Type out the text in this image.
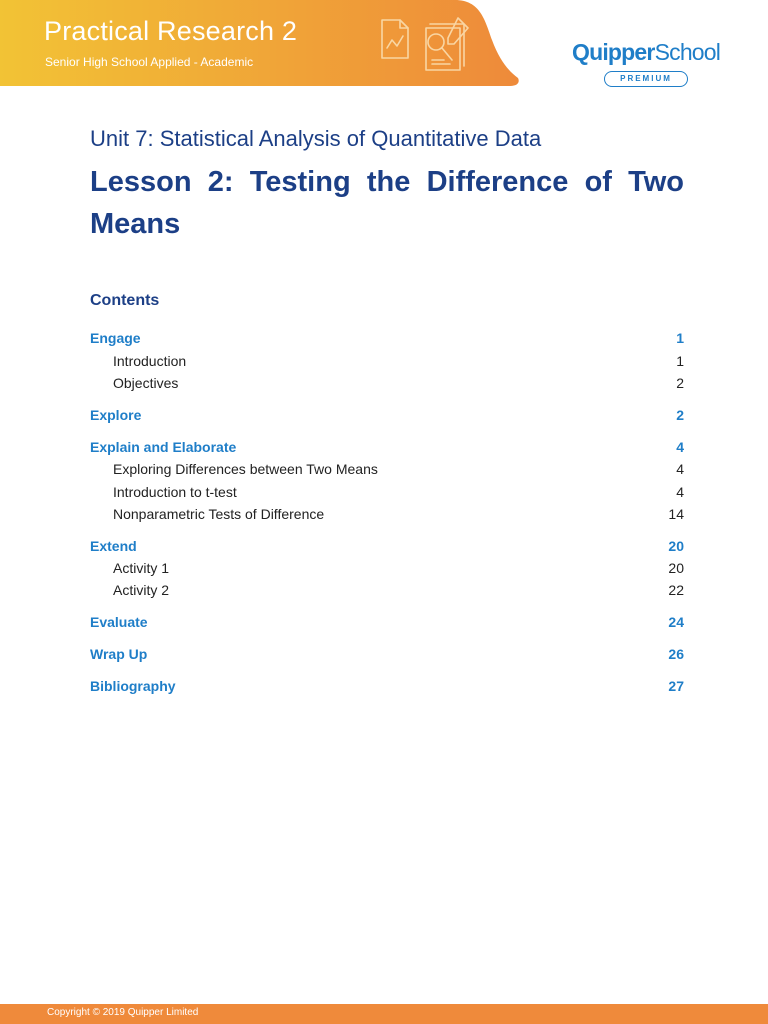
Practical Research 2
Senior High School Applied - Academic	QuipperSchool
PREMIUM
Unit 7: Statistical Analysis of Quantitative Data
Lesson 2: Testing the Difference of Two Means
Contents
Engage	1
Introduction	1
Objectives	2
Explore	2
Explain and Elaborate	4
Exploring Differences between Two Means	4
Introduction to t-test	4
Nonparametric Tests of Difference	14
Extend	20
Activity 1	20
Activity 2	22
Evaluate	24
Wrap Up	26
Bibliography	27
Copyright © 2019 Quipper Limited
